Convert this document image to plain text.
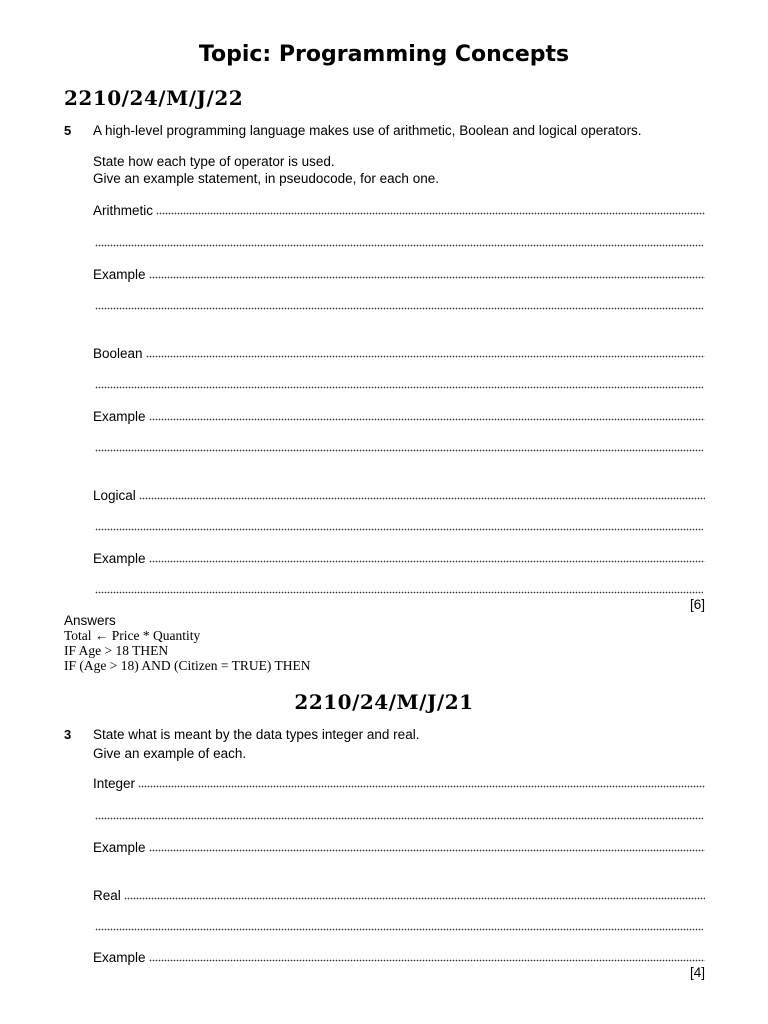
Topic: Programming Concepts
2210/24/M/J/22
5 A high-level programming language makes use of arithmetic, Boolean and logical operators.
State how each type of operator is used.
Give an example statement, in pseudocode, for each one.
Arithmetic
Example
Boolean
Example
Logical
Example
[6]
Answers
Total ← Price * Quantity
IF Age > 18 THEN
IF (Age > 18) AND (Citizen = TRUE) THEN
2210/24/M/J/21
3 State what is meant by the data types integer and real.
Give an example of each.
Integer
Example
Real
Example
[4]
